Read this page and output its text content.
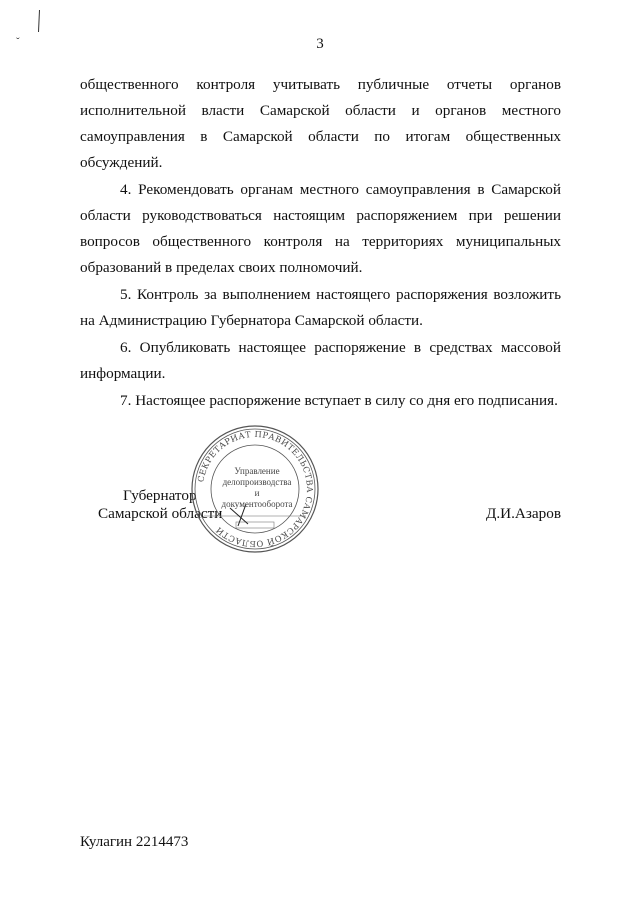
ˇ	3

общественного контроля учитывать публичные отчеты органов исполнительной власти Самарской области и органов местного самоуправления в Самарской области по итогам общественных обсуждений.

4. Рекомендовать органам местного самоуправления в Самарской области руководствоваться настоящим распоряжением при решении вопросов общественного контроля на территориях муниципальных образований в пределах своих полномочий.

5. Контроль за выполнением настоящего распоряжения возложить на Администрацию Губернатора Самарской области.

6. Опубликовать настоящее распоряжение в средствах массовой информации.

7. Настоящее распоряжение вступает в силу со дня его подписания.

Губернатор
Самарской области	Д.И.Азаров
СЕКРЕТАРИАТ ПРАВИТЕЛЬСТВА САМАРСКОЙ ОБЛАСТИ
Управление
делопроизводства
и документооборота
Кулагин 2214473
